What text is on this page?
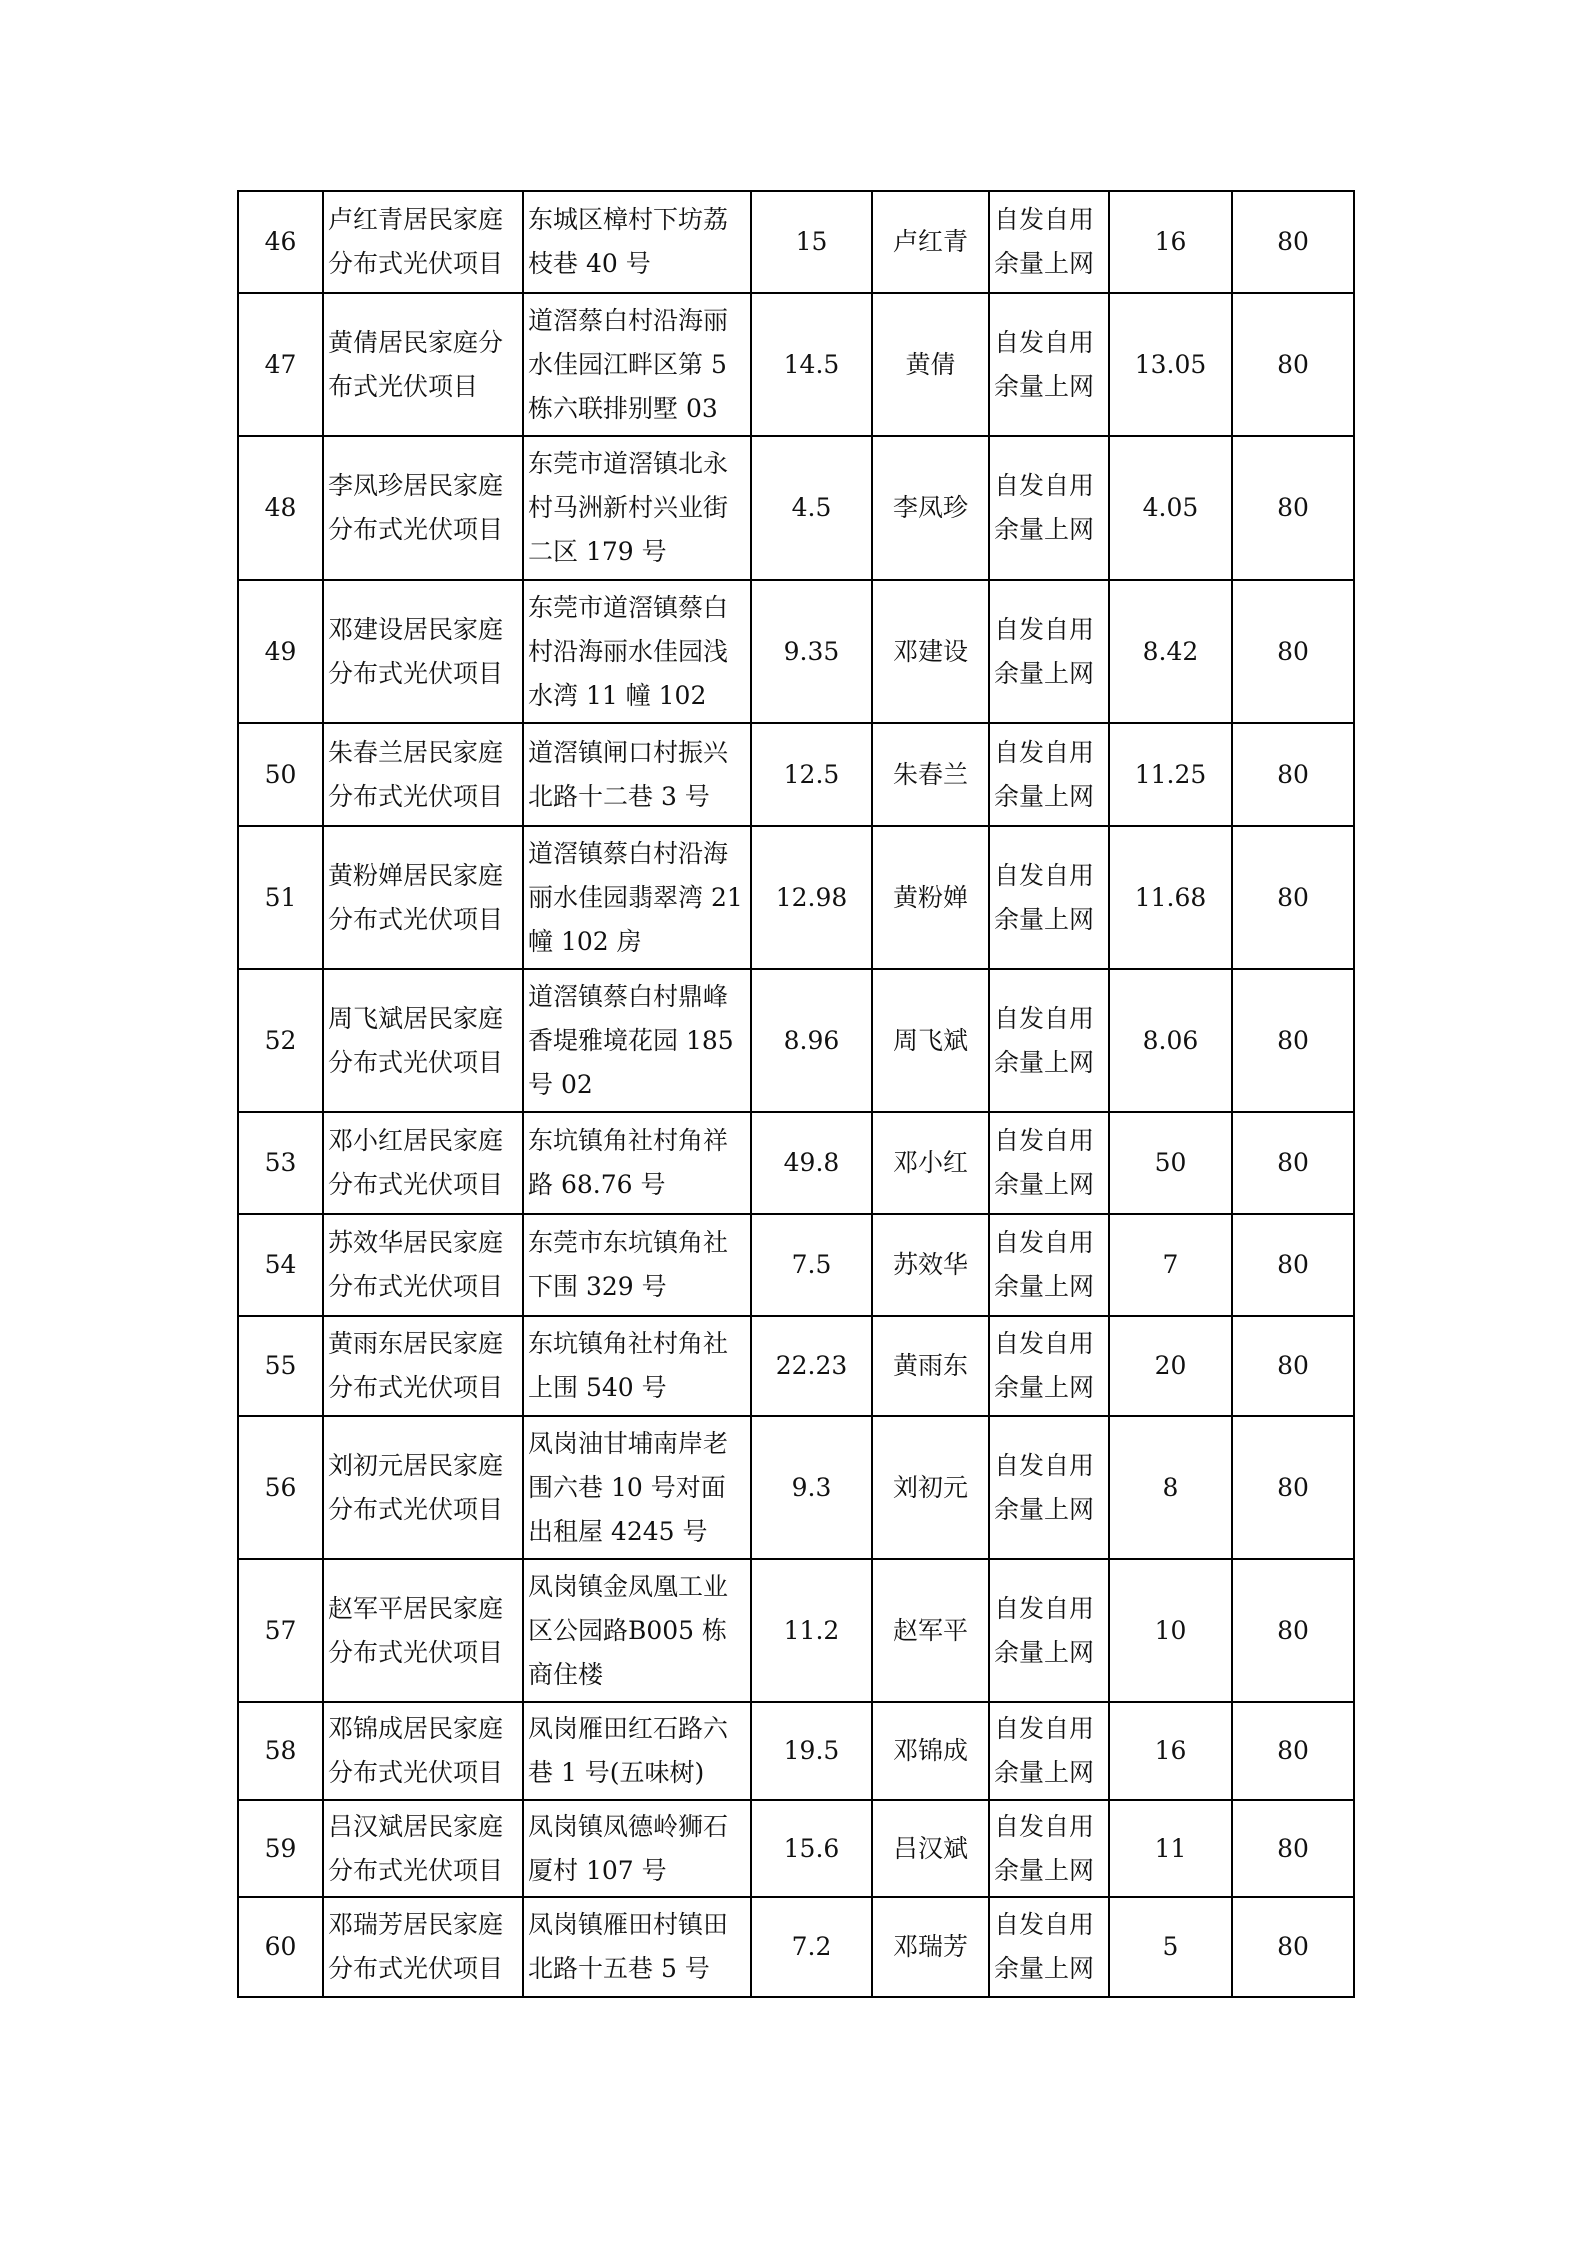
46	卢红青居民家庭分布式光伏项目	东城区樟村下坊荔枝巷 40 号	15	卢红青	自发自用余量上网	16	80
47	黄倩居民家庭分布式光伏项目	道滘蔡白村沿海丽水佳园江畔区第 5 栋六联排别墅 03	14.5	黄倩	自发自用余量上网	13.05	80
48	李凤珍居民家庭分布式光伏项目	东莞市道滘镇北永村马洲新村兴业街二区 179 号	4.5	李凤珍	自发自用余量上网	4.05	80
49	邓建设居民家庭分布式光伏项目	东莞市道滘镇蔡白村沿海丽水佳园浅水湾 11 幢 102	9.35	邓建设	自发自用余量上网	8.42	80
50	朱春兰居民家庭分布式光伏项目	道滘镇闸口村振兴北路十二巷 3 号	12.5	朱春兰	自发自用余量上网	11.25	80
51	黄粉婵居民家庭分布式光伏项目	道滘镇蔡白村沿海丽水佳园翡翠湾 21 幢 102 房	12.98	黄粉婵	自发自用余量上网	11.68	80
52	周飞斌居民家庭分布式光伏项目	道滘镇蔡白村鼎峰香堤雅境花园 185 号 02	8.96	周飞斌	自发自用余量上网	8.06	80
53	邓小红居民家庭分布式光伏项目	东坑镇角社村角祥路 68.76 号	49.8	邓小红	自发自用余量上网	50	80
54	苏效华居民家庭分布式光伏项目	东莞市东坑镇角社下围 329 号	7.5	苏效华	自发自用余量上网	7	80
55	黄雨东居民家庭分布式光伏项目	东坑镇角社村角社上围 540 号	22.23	黄雨东	自发自用余量上网	20	80
56	刘初元居民家庭分布式光伏项目	凤岗油甘埔南岸老围六巷 10 号对面出租屋 4245 号	9.3	刘初元	自发自用余量上网	8	80
57	赵军平居民家庭分布式光伏项目	凤岗镇金凤凰工业区公园路B005 栋商住楼	11.2	赵军平	自发自用余量上网	10	80
58	邓锦成居民家庭分布式光伏项目	凤岗雁田红石路六巷 1 号(五味树)	19.5	邓锦成	自发自用余量上网	16	80
59	吕汉斌居民家庭分布式光伏项目	凤岗镇凤德岭狮石厦村 107 号	15.6	吕汉斌	自发自用余量上网	11	80
60	邓瑞芳居民家庭分布式光伏项目	凤岗镇雁田村镇田北路十五巷 5 号	7.2	邓瑞芳	自发自用余量上网	5	80
